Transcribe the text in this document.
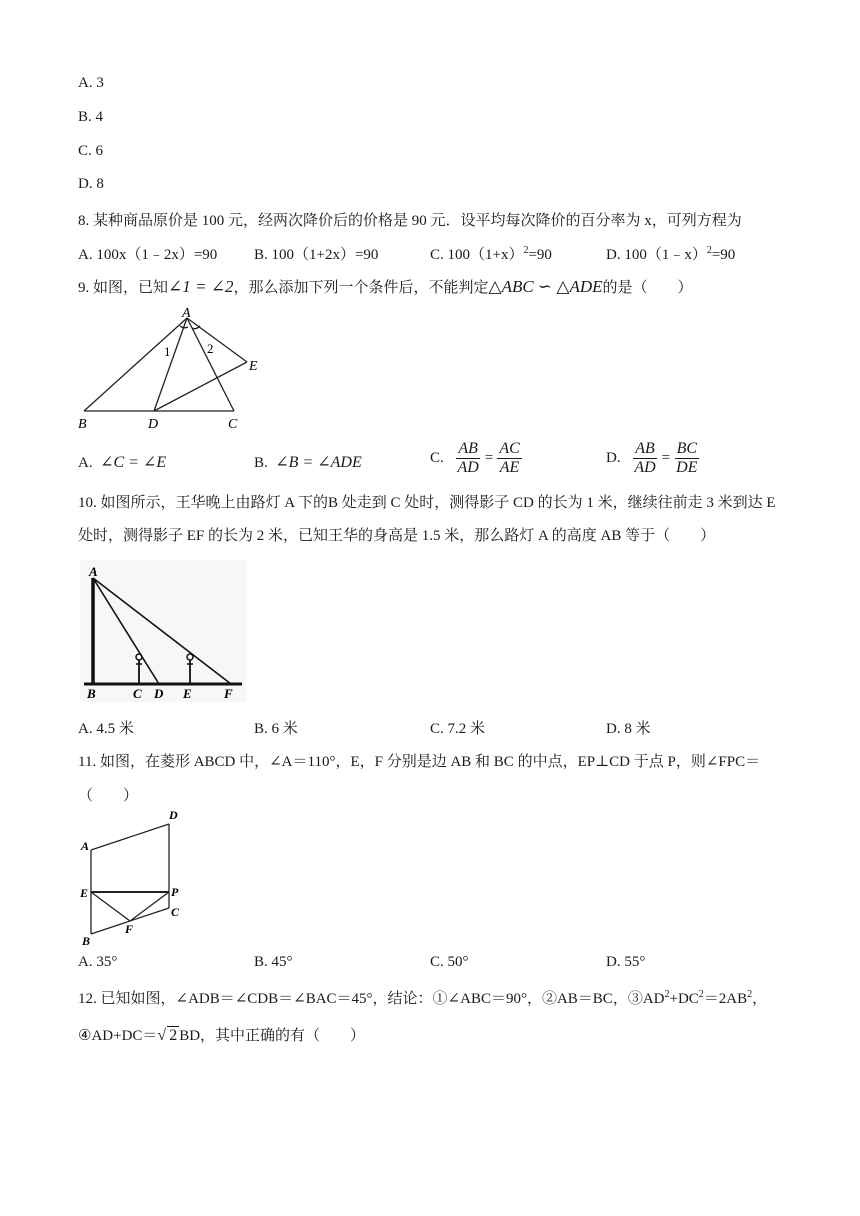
A. 3
B. 4
C. 6
D. 8
8. 某种商品原价是 100 元，经两次降价后的价格是 90 元．设平均每次降价的百分率为 x，可列方程为
A. 100x（1﹣2x）=90 B. 100（1+2x）=90	C. $100(1+x)^2=90$	D. 100（1﹣x）$^2$=90
9. 如图，已知∠1 = ∠2，那么添加下列一个条件后，不能判定△ABC ∽ △ADE的是（　　）
A
B	C
D
E
1	2
A. ∠C = ∠E	B. ∠B = ∠ADE	C.
$\frac{AB}{AD} = \frac{AC}{AE}$	D.
$\frac{AB}{AD} = \frac{BC}{DE}$
10. 如图所示，王华晚上由路灯 A 下的B 处走到 C 处时，测得影子 CD 的长为 1 米，继续往前走 3 米到达 E
处时，测得影子 EF 的长为 2 米，已知王华的身高是 1.5 米，那么路灯 A 的高度 AB 等于（　　）
A
B	C D E F
A. 4.5 米	B. 6 米	C. 7.2 米	D. 8 米
11. 如图，在菱形 ABCD 中，∠A＝110°，E，F 分别是边 AB 和 BC 的中点，EP⊥CD 于点 P，则∠FPC＝
（　　）
D
A
E	P
C
F
B
A. 35°	B. 45°	C. 50°	D. 55°
12. 已知如图，∠ADB＝∠CDB＝∠BAC＝45°，结论：①∠ABC＝90°，②AB＝BC，$③AD^2+DC^2=2AB^2$，
④AD+DC＝√ 2 BD，其中正确的有（　　）
